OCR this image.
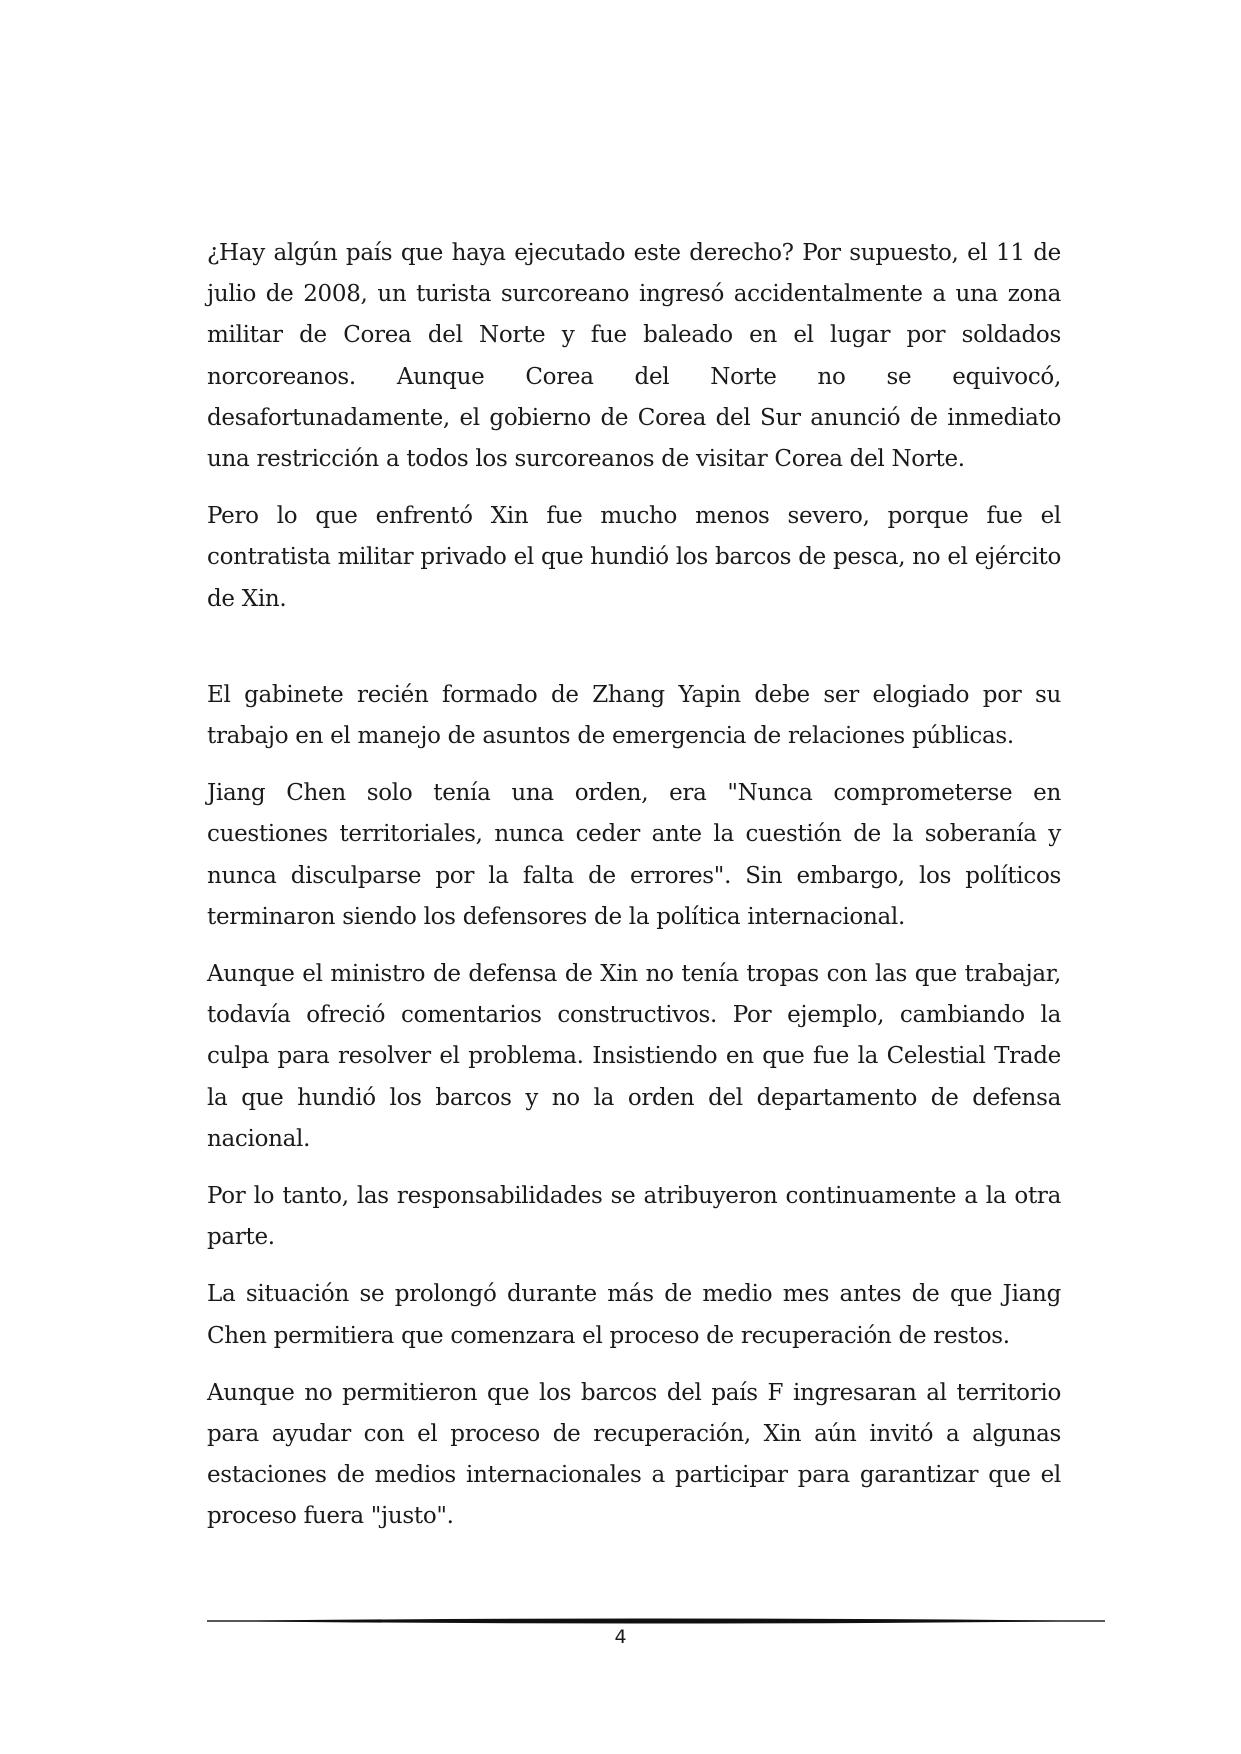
¿Hay algún país que haya ejecutado este derecho? Por supuesto, el 11 de julio de 2008, un turista surcoreano ingresó accidentalmente a una zona militar de Corea del Norte y fue baleado en el lugar por soldados norcoreanos. Aunque Corea del Norte no se equivocó, desafortunadamente, el gobierno de Corea del Sur anunció de inmediato una restricción a todos los surcoreanos de visitar Corea del Norte.

Pero lo que enfrentó Xin fue mucho menos severo, porque fue el contratista militar privado el que hundió los barcos de pesca, no el ejército de Xin.

El gabinete recién formado de Zhang Yapin debe ser elogiado por su trabajo en el manejo de asuntos de emergencia de relaciones públicas.

Jiang Chen solo tenía una orden, era "Nunca comprometerse en cuestiones territoriales, nunca ceder ante la cuestión de la soberanía y nunca disculparse por la falta de errores". Sin embargo, los políticos terminaron siendo los defensores de la política internacional.

Aunque el ministro de defensa de Xin no tenía tropas con las que trabajar, todavía ofreció comentarios constructivos. Por ejemplo, cambiando la culpa para resolver el problema. Insistiendo en que fue la Celestial Trade la que hundió los barcos y no la orden del departamento de defensa nacional.

Por lo tanto, las responsabilidades se atribuyeron continuamente a la otra parte.

La situación se prolongó durante más de medio mes antes de que Jiang Chen permitiera que comenzara el proceso de recuperación de restos.

Aunque no permitieron que los barcos del país F ingresaran al territorio para ayudar con el proceso de recuperación, Xin aún invitó a algunas estaciones de medios internacionales a participar para garantizar que el proceso fuera "justo".

4
